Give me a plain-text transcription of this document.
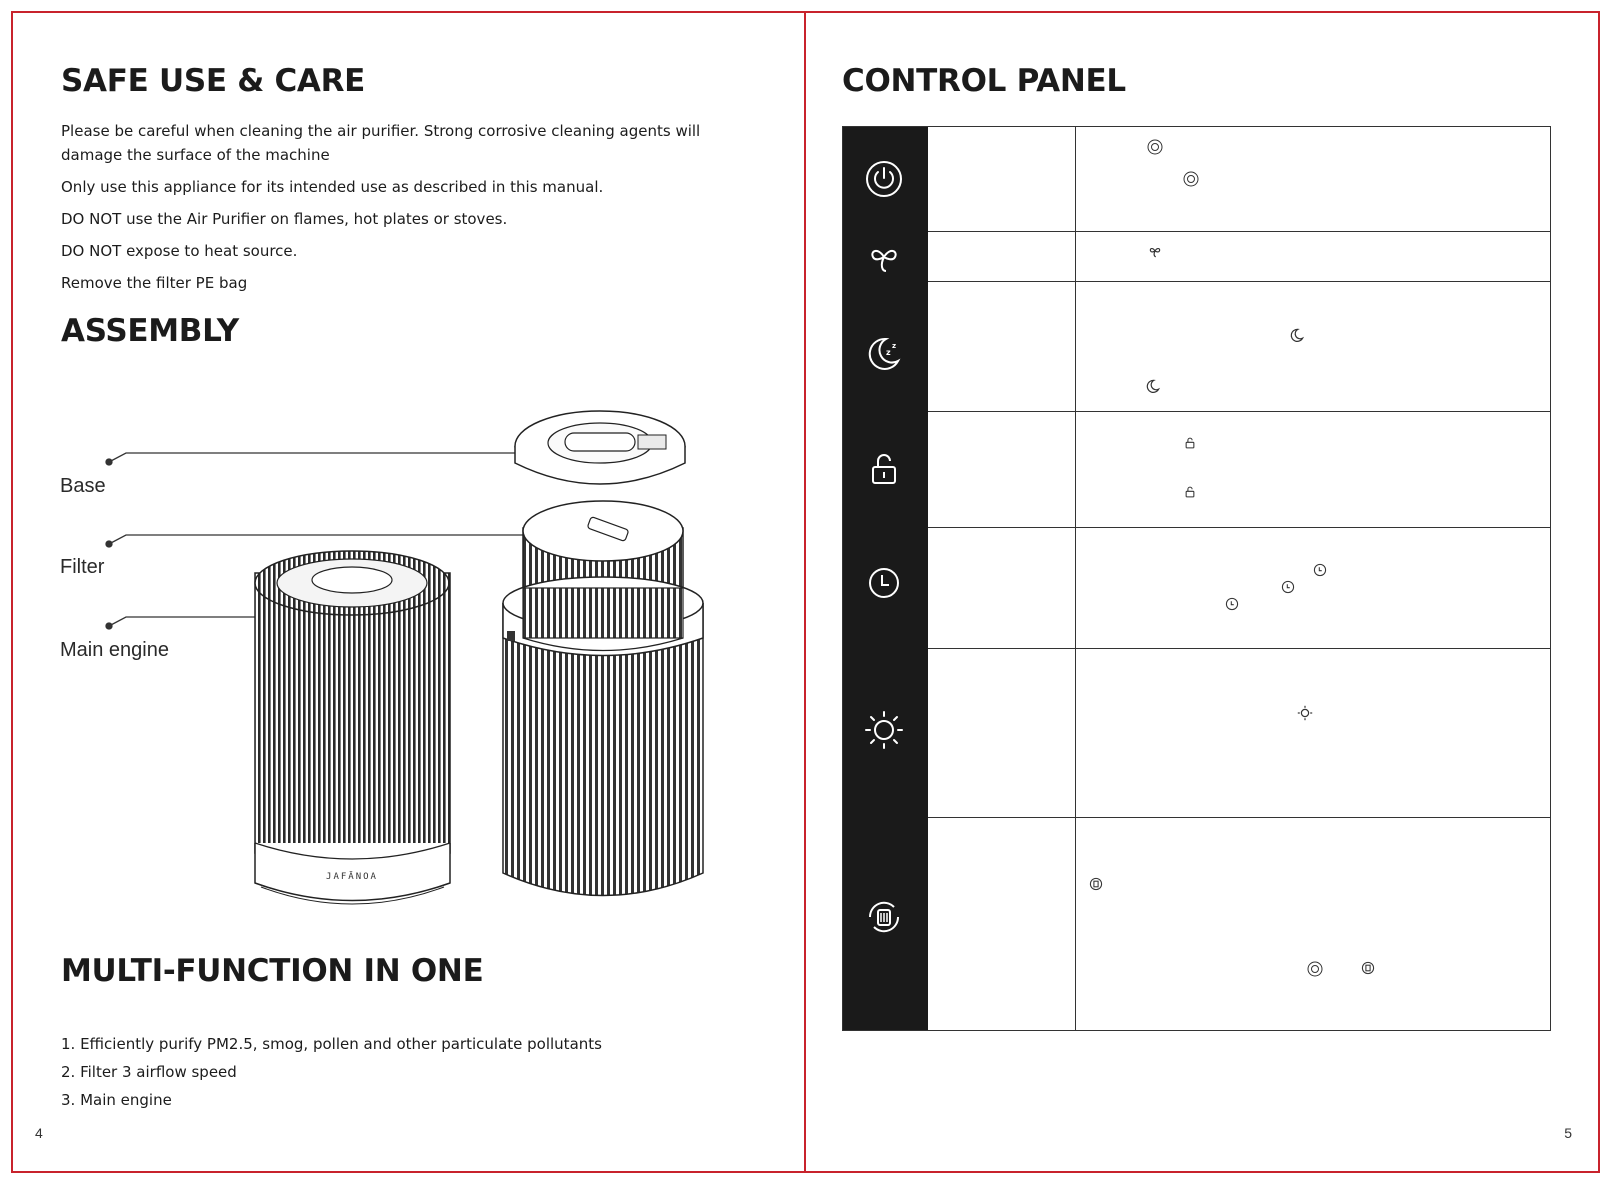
SAFE USE & CARE
Please be careful when cleaning the air purifier. Strong corrosive cleaning agents will damage the surface of the machine
Only use this appliance for its intended use as described in this manual.
DO NOT use the Air Purifier on flames, hot plates or stoves.
DO NOT expose to heat source.
Remove the filter PE bag
ASSEMBLY
JAFĀNOA
Base
Filter
Main engine
MULTI-FUNCTION IN ONE
1. Efficiently purify PM2.5, smog, pollen and other particulate pollutants
2. Filter 3 airflow speed
3. Main engine
4
CONTROL PANEL
z
z
5
